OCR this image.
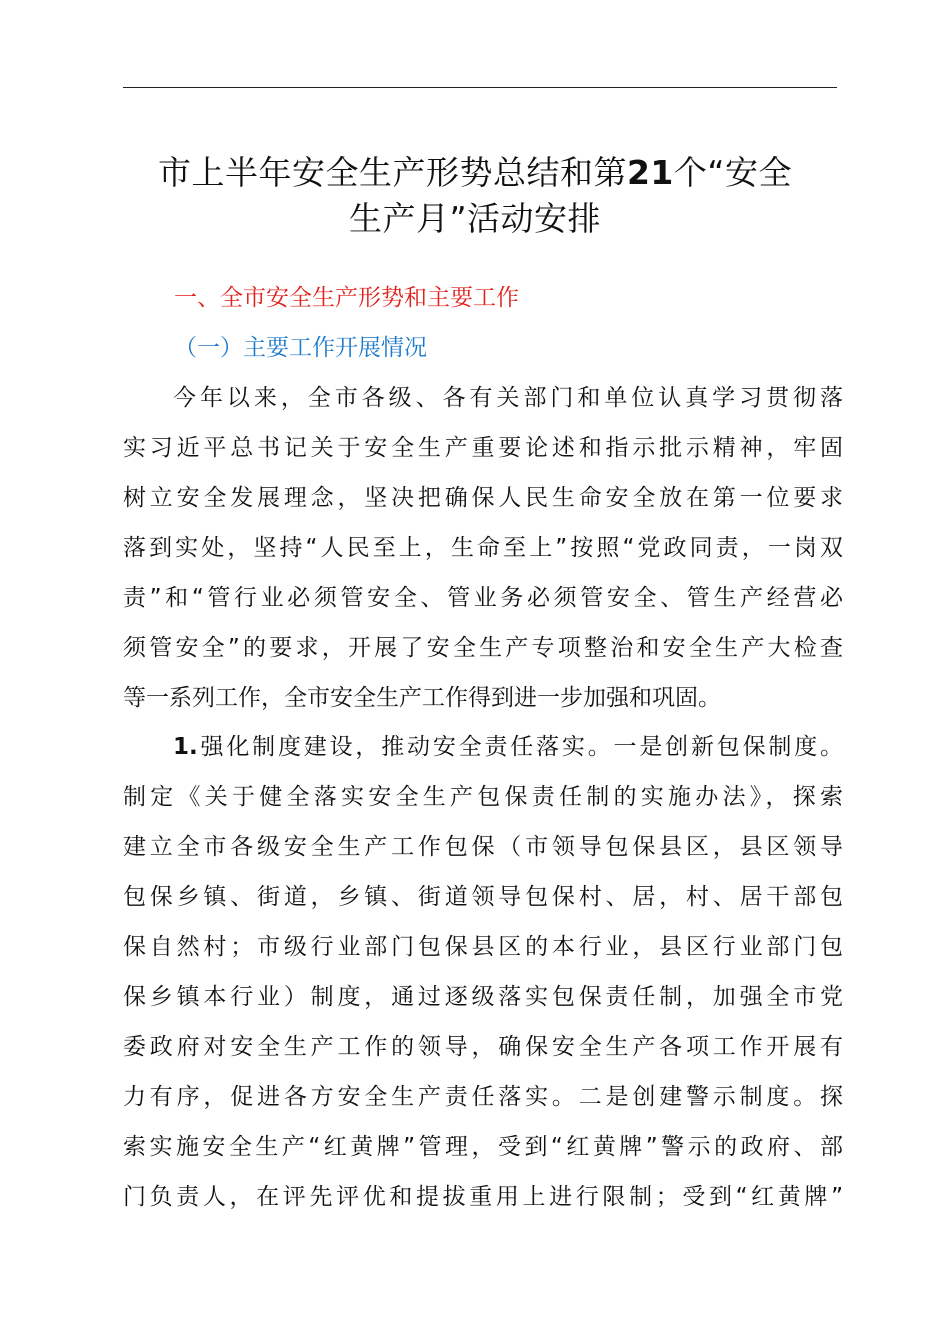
市上半年安全生产形势总结和第21个“安全
生产月”活动安排
一、全市安全生产形势和主要工作
（一）主要工作开展情况
今年以来，全市各级、各有关部门和单位认真学习贯彻落
实习近平总书记关于安全生产重要论述和指示批示精神，牢固
树立安全发展理念，坚决把确保人民生命安全放在第一位要求
落到实处，坚持“人民至上，生命至上”按照“党政同责，一岗双
责”和“管行业必须管安全、管业务必须管安全、管生产经营必
须管安全”的要求，开展了安全生产专项整治和安全生产大检查
等一系列工作，全市安全生产工作得到进一步加强和巩固。
1.强化制度建设，推动安全责任落实。一是创新包保制度。
制定《关于健全落实安全生产包保责任制的实施办法》，探索
建立全市各级安全生产工作包保（市领导包保县区，县区领导
包保乡镇、街道，乡镇、街道领导包保村、居，村、居干部包
保自然村；市级行业部门包保县区的本行业，县区行业部门包
保乡镇本行业）制度，通过逐级落实包保责任制，加强全市党
委政府对安全生产工作的领导，确保安全生产各项工作开展有
力有序，促进各方安全生产责任落实。二是创建警示制度。探
索实施安全生产“红黄牌”管理，受到“红黄牌”警示的政府、部
门负责人，在评先评优和提拔重用上进行限制；受到“红黄牌”
